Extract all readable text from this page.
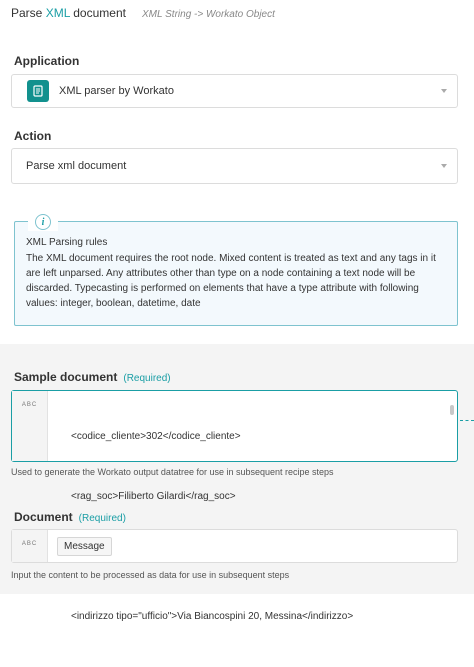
Parse XML document XML String -> Workato Object
Application
XML parser by Workato
Action
Parse xml document
i
XML Parsing rules
The XML document requires the root node. Mixed content is treated as text and any tags in it are left unparsed. Any attributes other than type on a node containing a text node will be discarded. Typecasting is performed on elements that have a type attribute with following values: integer, boolean, datetime, date
Sample document (Required)
ABC

<codice_cliente>302</codice_cliente>

<rag_soc>Filiberto Gilardi</rag_soc>

<indirizzo tipo="ufficio">Via Biancospini 20, Messina</indirizzo>

Used to generate the Workato output datatree for use in subsequent recipe steps
Document (Required)
ABC	Message
Input the content to be processed as data for use in subsequent steps
